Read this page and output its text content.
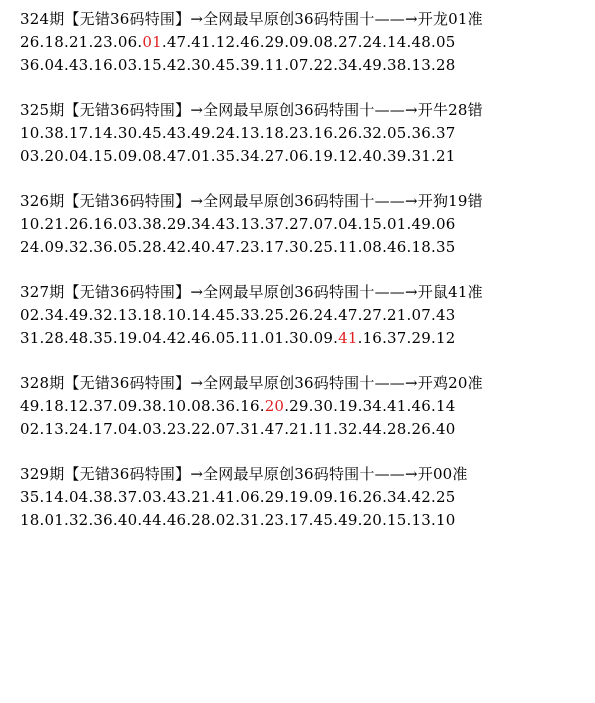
324期【无错36码特围】→全网最早原创36码特围十——→开龙01准
26.18.21.23.06.01.47.41.12.46.29.09.08.27.24.14.48.05
36.04.43.16.03.15.42.30.45.39.11.07.22.34.49.38.13.28
325期【无错36码特围】→全网最早原创36码特围十——→开牛28错
10.38.17.14.30.45.43.49.24.13.18.23.16.26.32.05.36.37
03.20.04.15.09.08.47.01.35.34.27.06.19.12.40.39.31.21
326期【无错36码特围】→全网最早原创36码特围十——→开狗19错
10.21.26.16.03.38.29.34.43.13.37.27.07.04.15.01.49.06
24.09.32.36.05.28.42.40.47.23.17.30.25.11.08.46.18.35
327期【无错36码特围】→全网最早原创36码特围十——→开鼠41准
02.34.49.32.13.18.10.14.45.33.25.26.24.47.27.21.07.43
31.28.48.35.19.04.42.46.05.11.01.30.09.41.16.37.29.12
328期【无错36码特围】→全网最早原创36码特围十——→开鸡20准
49.18.12.37.09.38.10.08.36.16.20.29.30.19.34.41.46.14
02.13.24.17.04.03.23.22.07.31.47.21.11.32.44.28.26.40
329期【无错36码特围】→全网最早原创36码特围十——→开00准
35.14.04.38.37.03.43.21.41.06.29.19.09.16.26.34.42.25
18.01.32.36.40.44.46.28.02.31.23.17.45.49.20.15.13.10
